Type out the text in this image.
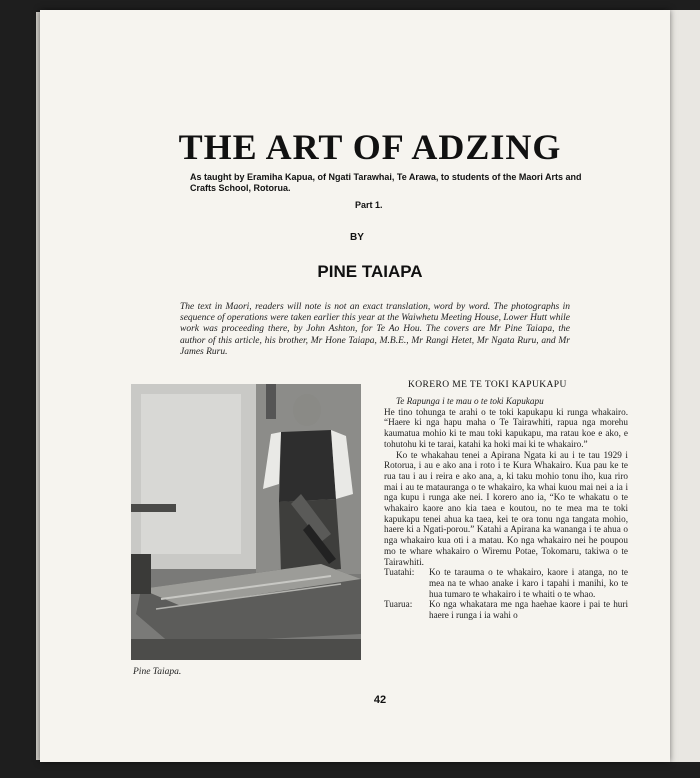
THE ART OF ADZING

As taught by Eramiha Kapua, of Ngati Tarawhai, Te Arawa, to students of the Maori Arts and Crafts School, Rotorua.

Part 1.
BY
PINE TAIAPA

The text in Maori, readers will note is not an exact translation, word by word. The photographs in sequence of operations were taken earlier this year at the Waiwhetu Meeting House, Lower Hutt while work was proceeding there, by John Ashton, for Te Ao Hou. The covers are Mr Pine Taiapa, the author of this article, his brother, Mr Hone Taiapa, M.B.E., Mr Rangi Hetet, Mr Ngata Ruru, and Mr James Ruru.

Pine Taiapa.
KORERO ME TE TOKI KAPUKAPU

Te Rapunga i te mau o te toki Kapukapu

He tino tohunga te arahi o te toki kapukapu ki runga whakairo. “Haere ki nga hapu maha o Te Tairawhiti, rapua nga morehu kaumatua mohio ki te mau toki kapukapu, ma ratau koe e ako, e tohutohu ki te tarai, katahi ka hoki mai ki te whakairo.”

Ko te whakahau tenei a Apirana Ngata ki au i te tau 1929 i Rotorua, i au e ako ana i roto i te Kura Whakairo. Kua pau ke te rua tau i au i reira e ako ana, a, ki taku mohio tonu iho, kua riro mai i au te matauranga o te whakairo, ka whai kuou mai nei a ia i nga kupu i runga ake nei. I korero ano ia, “Ko te whakatu o te whakairo kaore ano kia taea e koutou, no te mea ma te toki kapukapu tenei ahua ka taea, kei te ora tonu nga tangata mohio, haere ki a Ngati-porou.” Katahi a Apirana ka wananga i te ahua o nga whakairo kua oti i a matau. Ko nga whakairo nei he poupou mo te whare whakairo o Wiremu Potae, Tokomaru, takiwa o te Tairawhiti.

Tuatahi:	Ko te tarauma o te whakairo, kaore i atanga, no te mea na te whao anake i karo i tapahi i manihi, ko te hua tumaro te whakairo i te whaiti o te whao.
Tuarua:	Ko nga whakatara me nga haehae kaore i pai te huri haere i runga i ia wahi o
42
